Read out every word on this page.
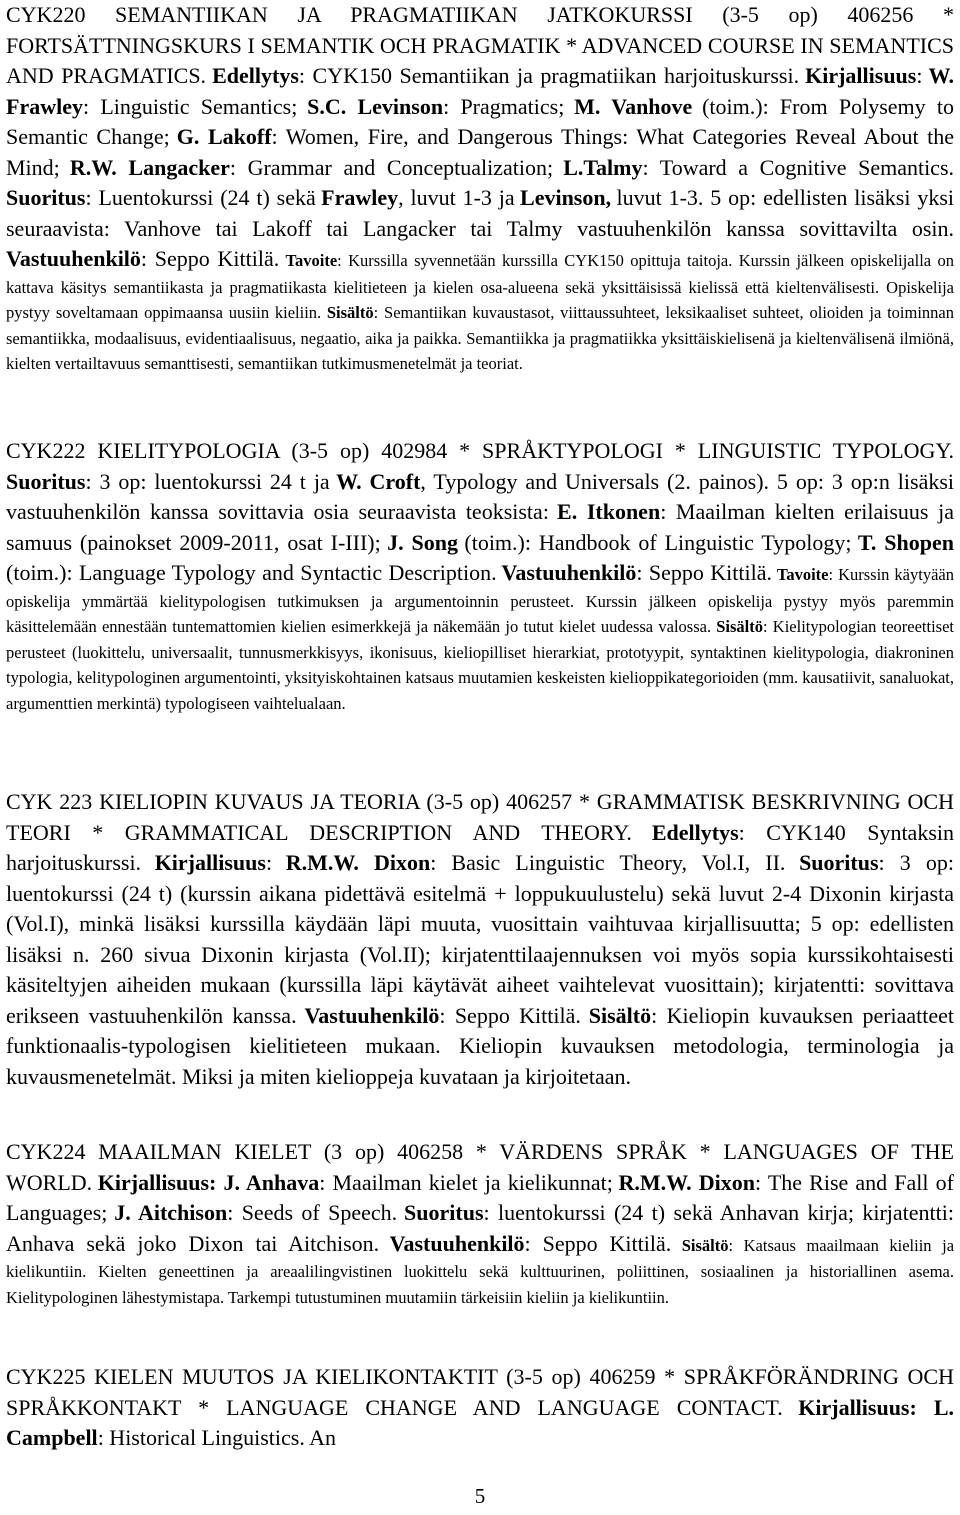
CYK220 SEMANTIIKAN JA PRAGMATIIKAN JATKOKURSSI (3-5 op) 406256 * FORTSÄTTNINGSKURS I SEMANTIK OCH PRAGMATIK * ADVANCED COURSE IN SEMANTICS AND PRAGMATICS. Edellytys: CYK150 Semantiikan ja pragmatiikan harjoituskurssi. Kirjallisuus: W. Frawley: Linguistic Semantics; S.C. Levinson: Pragmatics; M. Vanhove (toim.): From Polysemy to Semantic Change; G. Lakoff: Women, Fire, and Dangerous Things: What Categories Reveal About the Mind; R.W. Langacker: Grammar and Conceptualization; L.Talmy: Toward a Cognitive Semantics. Suoritus: Luentokurssi (24 t) sekä Frawley, luvut 1-3 ja Levinson, luvut 1-3. 5 op: edellisten lisäksi yksi seuraavista: Vanhove tai Lakoff tai Langacker tai Talmy vastuuhenkilön kanssa sovittavilta osin. Vastuuhenkilö: Seppo Kittilä. Tavoite: Kurssilla syvennetään kurssilla CYK150 opittuja taitoja. Kurssin jälkeen opiskelijalla on kattava käsitys semantiikasta ja pragmatiikasta kielitieteen ja kielen osa-alueena sekä yksittäisissä kielissä että kieltenvälisesti. Opiskelija pystyy soveltamaan oppimaansa uusiin kieliin. Sisältö: Semantiikan kuvaustasot, viittaussuhteet, leksikaaliset suhteet, olioiden ja toiminnan semantiikka, modaalisuus, evidentiaalisuus, negaatio, aika ja paikka. Semantiikka ja pragmatiikka yksittäiskielisenä ja kieltenvälisenä ilmiönä, kielten vertailtavuus semanttisesti, semantiikan tutkimusmenetelmät ja teoriat.

CYK222 KIELITYPOLOGIA (3-5 op) 402984 * SPRÅKTYPOLOGI * LINGUISTIC TYPOLOGY. Suoritus: 3 op: luentokurssi 24 t ja W. Croft, Typology and Universals (2. painos). 5 op: 3 op:n lisäksi vastuuhenkilön kanssa sovittavia osia seuraavista teoksista: E. Itkonen: Maailman kielten erilaisuus ja samuus (painokset 2009-2011, osat I-III); J. Song (toim.): Handbook of Linguistic Typology; T. Shopen (toim.): Language Typology and Syntactic Description. Vastuuhenkilö: Seppo Kittilä. Tavoite: Kurssin käytyään opiskelija ymmärtää kielitypologisen tutkimuksen ja argumentoinnin perusteet. Kurssin jälkeen opiskelija pystyy myös paremmin käsittelemään ennestään tuntemattomien kielien esimerkkejä ja näkemään jo tutut kielet uudessa valossa. Sisältö: Kielitypologian teoreettiset perusteet (luokittelu, universaalit, tunnusmerkkisyys, ikonisuus, kieliopilliset hierarkiat, prototyypit, syntaktinen kielitypologia, diakroninen typologia, kelitypologinen argumentointi, yksityiskohtainen katsaus muutamien keskeisten kielioppikategorioiden (mm. kausatiivit, sanaluokat, argumenttien merkintä) typologiseen vaihtelualaan.

CYK 223 KIELIOPIN KUVAUS JA TEORIA (3-5 op) 406257 * GRAMMATISK BESKRIVNING OCH TEORI * GRAMMATICAL DESCRIPTION AND THEORY. Edellytys: CYK140 Syntaksin harjoituskurssi. Kirjallisuus: R.M.W. Dixon: Basic Linguistic Theory, Vol.I, II. Suoritus: 3 op: luentokurssi (24 t) (kurssin aikana pidettävä esitelmä + loppukuulustelu) sekä luvut 2-4 Dixonin kirjasta (Vol.I), minkä lisäksi kurssilla käydään läpi muuta, vuosittain vaihtuvaa kirjallisuutta; 5 op: edellisten lisäksi n. 260 sivua Dixonin kirjasta (Vol.II); kirjatenttilaajennuksen voi myös sopia kurssikohtaisesti käsiteltyjen aiheiden mukaan (kurssilla läpi käytävät aiheet vaihtelevat vuosittain); kirjatentti: sovittava erikseen vastuuhenkilön kanssa. Vastuuhenkilö: Seppo Kittilä. Sisältö: Kieliopin kuvauksen periaatteet funktionaalis-typologisen kielitieteen mukaan. Kieliopin kuvauksen metodologia, terminologia ja kuvausmenetelmät. Miksi ja miten kielioppeja kuvataan ja kirjoitetaan.

CYK224 MAAILMAN KIELET (3 op) 406258 * VÄRDENS SPRÅK * LANGUAGES OF THE WORLD. Kirjallisuus: J. Anhava: Maailman kielet ja kielikunnat; R.M.W. Dixon: The Rise and Fall of Languages; J. Aitchison: Seeds of Speech. Suoritus: luentokurssi (24 t) sekä Anhavan kirja; kirjatentti: Anhava sekä joko Dixon tai Aitchison. Vastuuhenkilö: Seppo Kittilä. Sisältö: Katsaus maailmaan kieliin ja kielikuntiin. Kielten geneettinen ja areaalilingvistinen luokittelu sekä kulttuurinen, poliittinen, sosiaalinen ja historiallinen asema. Kielitypologinen lähestymistapa. Tarkempi tutustuminen muutamiin tärkeisiin kieliin ja kielikuntiin.

CYK225 KIELEN MUUTOS JA KIELIKONTAKTIT (3-5 op) 406259 * SPRÅKFÖRÄNDRING OCH SPRÅKKONTAKT * LANGUAGE CHANGE AND LANGUAGE CONTACT. Kirjallisuus: L. Campbell: Historical Linguistics. An

5
